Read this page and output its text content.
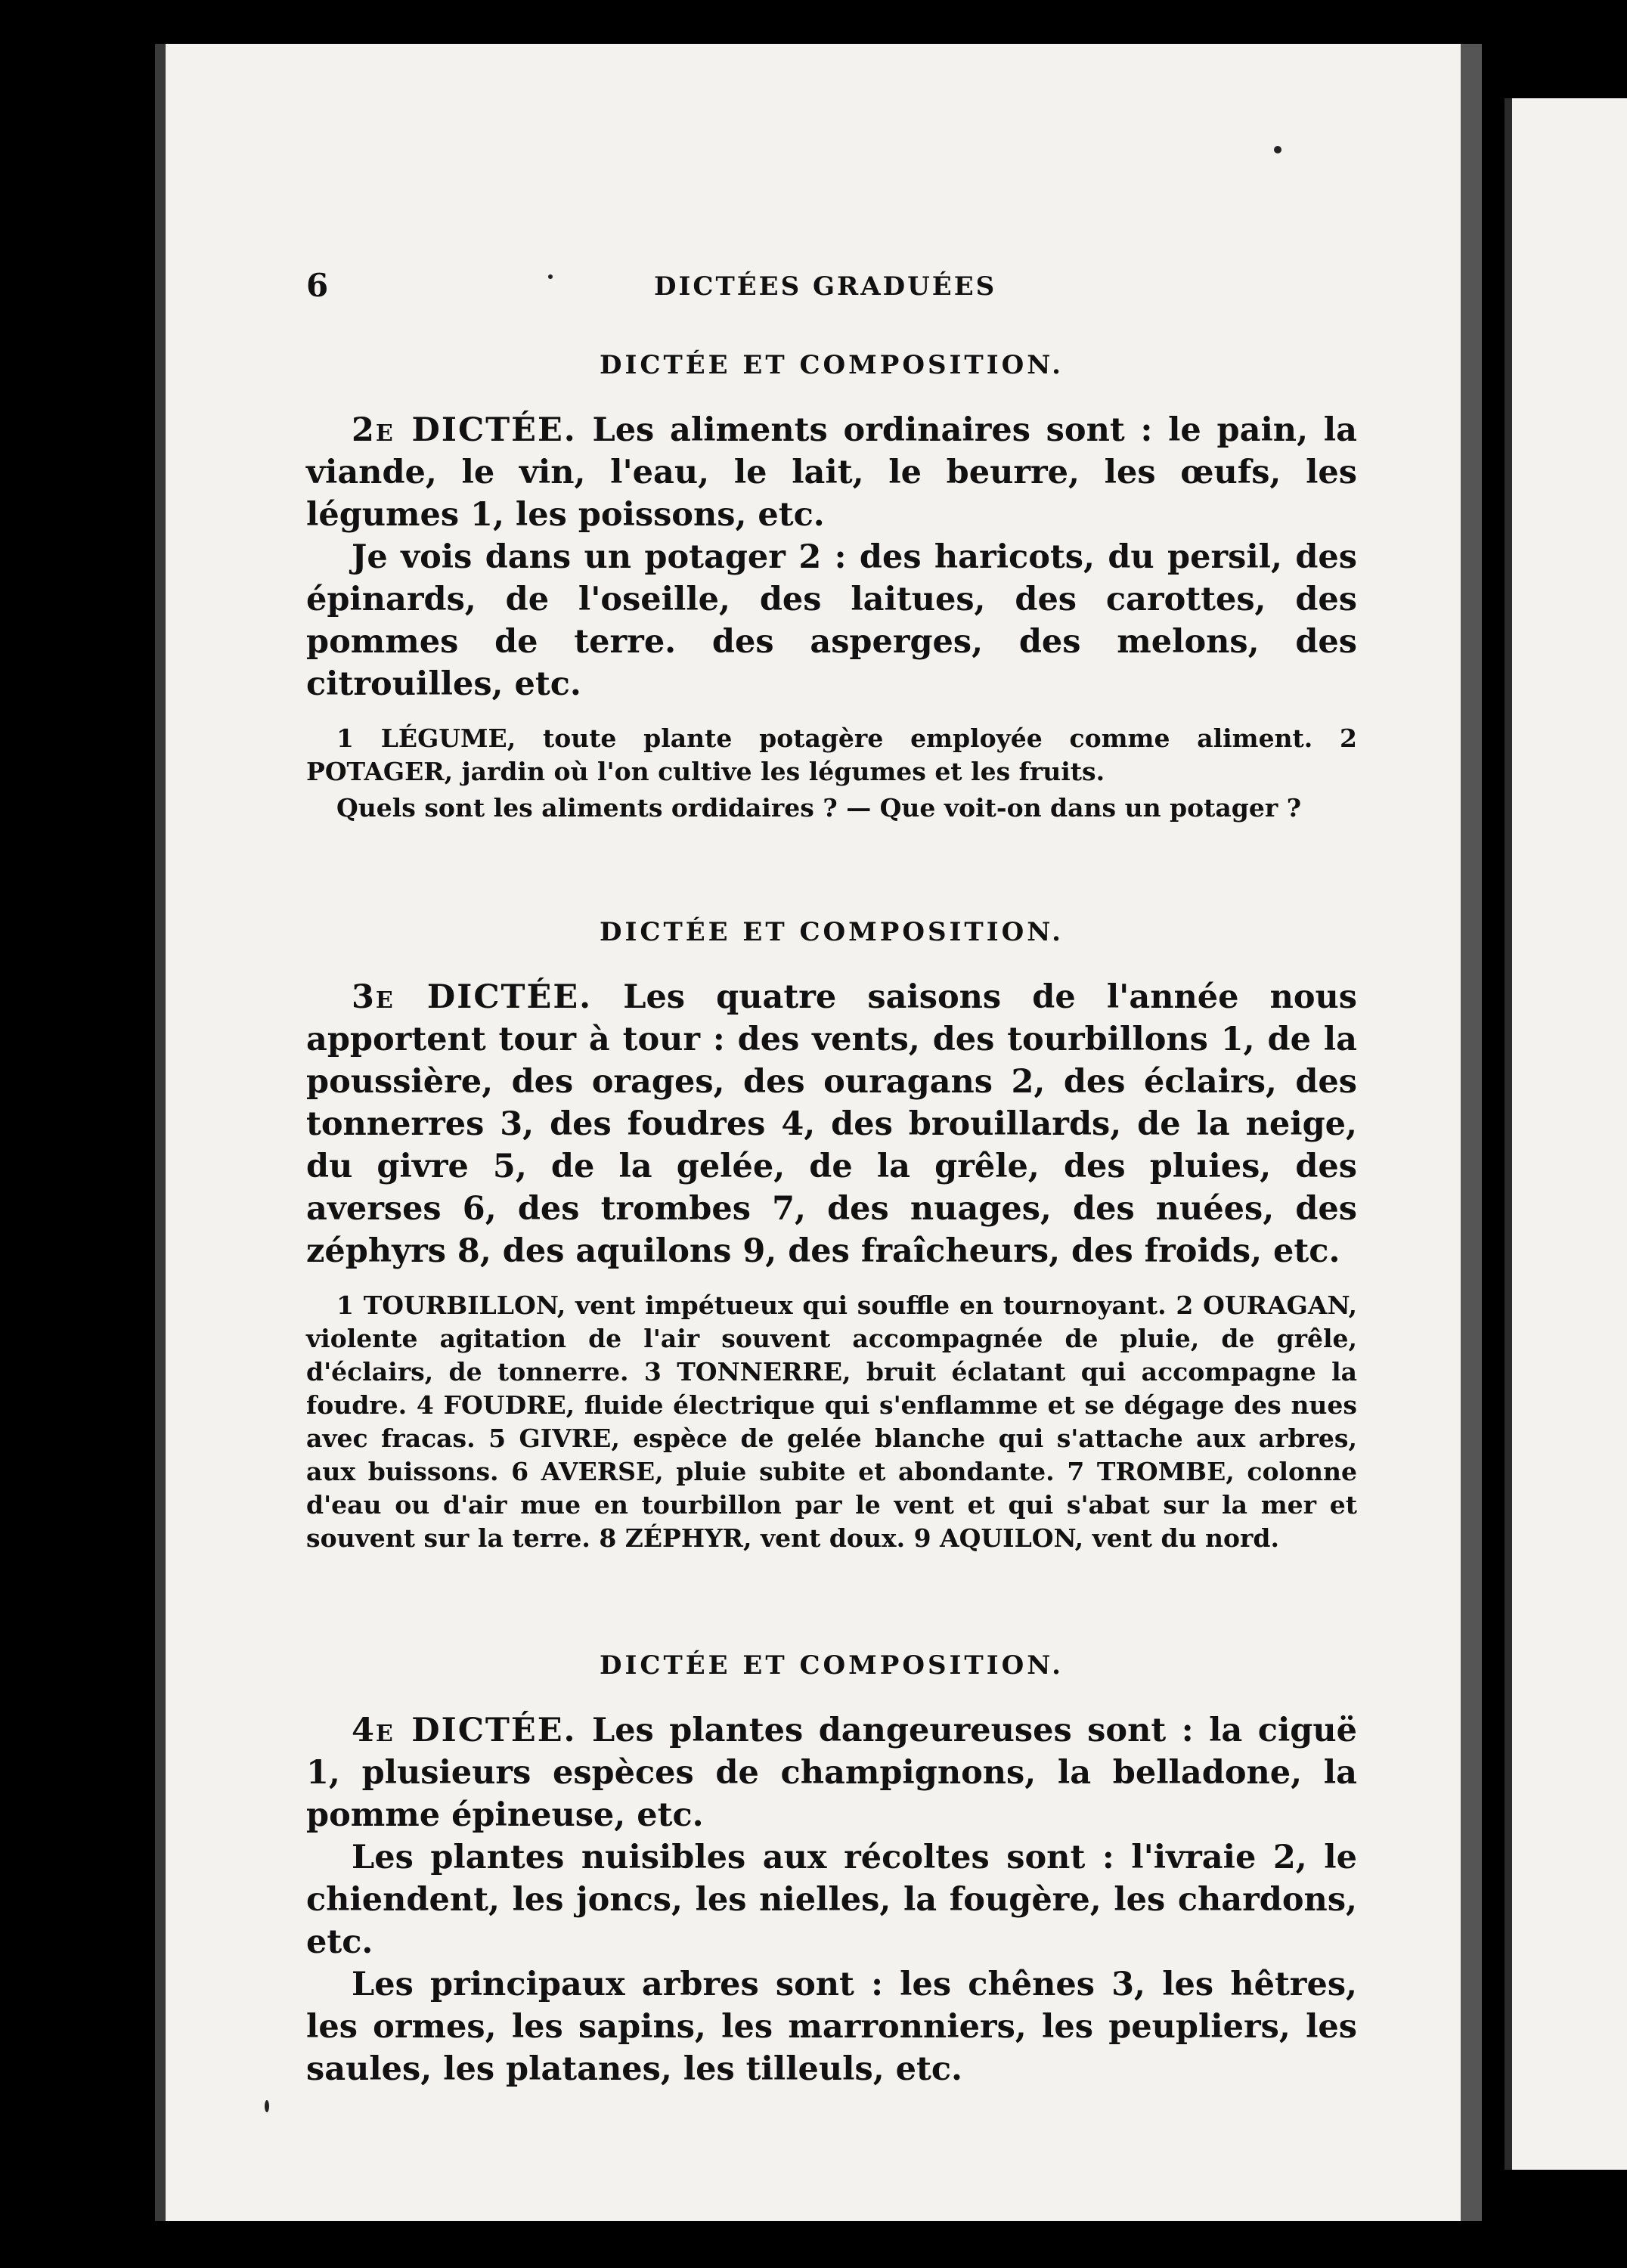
6	DICTÉES GRADUÉES
DICTÉE ET COMPOSITION.

2e DICTÉE. Les aliments ordinaires sont : le pain, la viande, le vin, l'eau, le lait, le beurre, les œufs, les légumes 1, les poissons, etc.

Je vois dans un potager 2 : des haricots, du persil, des épinards, de l'oseille, des laitues, des carottes, des pommes de terre. des asperges, des melons, des citrouilles, etc.

1 LÉGUME, toute plante potagère employée comme aliment. 2 POTAGER, jardin où l'on cultive les légumes et les fruits.

Quels sont les aliments ordidaires ? — Que voit-on dans un potager ?

DICTÉE ET COMPOSITION.

3e DICTÉE. Les quatre saisons de l'année nous apportent tour à tour : des vents, des tourbillons 1, de la poussière, des orages, des ouragans 2, des éclairs, des tonnerres 3, des foudres 4, des brouillards, de la neige, du givre 5, de la gelée, de la grêle, des pluies, des averses 6, des trombes 7, des nuages, des nuées, des zéphyrs 8, des aquilons 9, des fraîcheurs, des froids, etc.

1 TOURBILLON, vent impétueux qui souffle en tournoyant. 2 OURAGAN, violente agitation de l'air souvent accompagnée de pluie, de grêle, d'éclairs, de tonnerre. 3 TONNERRE, bruit éclatant qui accompagne la foudre. 4 FOUDRE, fluide électrique qui s'enflamme et se dégage des nues avec fracas. 5 GIVRE, espèce de gelée blanche qui s'attache aux arbres, aux buissons. 6 AVERSE, pluie subite et abondante. 7 TROMBE, colonne d'eau ou d'air mue en tourbillon par le vent et qui s'abat sur la mer et souvent sur la terre. 8 ZÉPHYR, vent doux. 9 AQUILON, vent du nord.

DICTÉE ET COMPOSITION.

4e DICTÉE. Les plantes dangeureuses sont : la ciguë 1, plusieurs espèces de champignons, la belladone, la pomme épineuse, etc.

Les plantes nuisibles aux récoltes sont : l'ivraie 2, le chiendent, les joncs, les nielles, la fougère, les chardons, etc.

Les principaux arbres sont : les chênes 3, les hêtres, les ormes, les sapins, les marronniers, les peupliers, les saules, les platanes, les tilleuls, etc.
